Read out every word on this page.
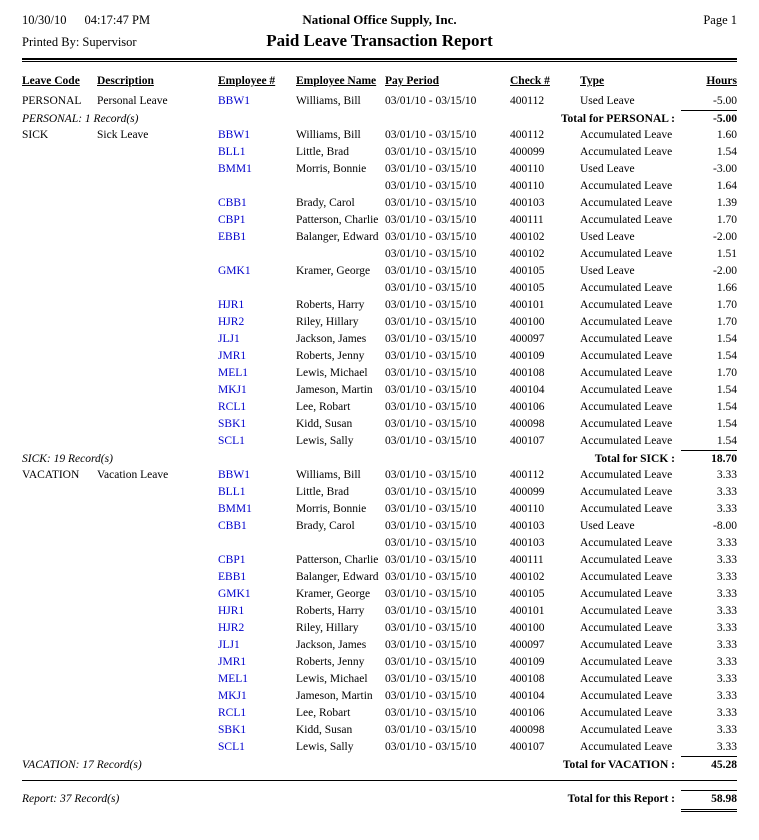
10/30/10 04:17:47 PM	National Office Supply, Inc.	Page 1
Printed By: Supervisor	Paid Leave Transaction Report
Leave Code	Description	Employee #	Employee Name Pay Period	Check #	Type	Hours
PERSONAL	Personal Leave	BBW1	Williams, Bill	03/01/10 - 03/15/10	400112	Used Leave	-5.00
PERSONAL: 1 Record(s)	Total for PERSONAL :	-5.00
SICK	Sick Leave	BBW1	Williams, Bill	03/01/10 - 03/15/10	400112	Accumulated Leave	1.60
BLL1	Little, Brad	03/01/10 - 03/15/10	400099	Accumulated Leave	1.54
BMM1	Morris, Bonnie	03/01/10 - 03/15/10	400110	Used Leave	-3.00
03/01/10 - 03/15/10	400110	Accumulated Leave	1.64
CBB1	Brady, Carol	03/01/10 - 03/15/10	400103	Accumulated Leave	1.39
CBP1	Patterson, Charlie 03/01/10 - 03/15/10	400111	Accumulated Leave	1.70
EBB1	Balanger, Edward 03/01/10 - 03/15/10	400102	Used Leave	-2.00
03/01/10 - 03/15/10	400102	Accumulated Leave	1.51
GMK1	Kramer, George	03/01/10 - 03/15/10	400105	Used Leave	-2.00
03/01/10 - 03/15/10	400105	Accumulated Leave	1.66
HJR1	Roberts, Harry	03/01/10 - 03/15/10	400101	Accumulated Leave	1.70
HJR2	Riley, Hillary	03/01/10 - 03/15/10	400100	Accumulated Leave	1.70
JLJ1	Jackson, James	03/01/10 - 03/15/10	400097	Accumulated Leave	1.54
JMR1	Roberts, Jenny	03/01/10 - 03/15/10	400109	Accumulated Leave	1.54
MEL1	Lewis, Michael	03/01/10 - 03/15/10	400108	Accumulated Leave	1.70
MKJ1	Jameson, Martin	03/01/10 - 03/15/10	400104	Accumulated Leave	1.54
RCL1	Lee, Robart	03/01/10 - 03/15/10	400106	Accumulated Leave	1.54
SBK1	Kidd, Susan	03/01/10 - 03/15/10	400098	Accumulated Leave	1.54
SCL1	Lewis, Sally	03/01/10 - 03/15/10	400107	Accumulated Leave	1.54
SICK: 19 Record(s)	Total for SICK :	18.70
VACATION	Vacation Leave	BBW1	Williams, Bill	03/01/10 - 03/15/10	400112	Accumulated Leave	3.33
BLL1	Little, Brad	03/01/10 - 03/15/10	400099	Accumulated Leave	3.33
BMM1	Morris, Bonnie	03/01/10 - 03/15/10	400110	Accumulated Leave	3.33
CBB1	Brady, Carol	03/01/10 - 03/15/10	400103	Used Leave	-8.00
03/01/10 - 03/15/10	400103	Accumulated Leave	3.33
CBP1	Patterson, Charlie 03/01/10 - 03/15/10	400111	Accumulated Leave	3.33
EBB1	Balanger, Edward 03/01/10 - 03/15/10	400102	Accumulated Leave	3.33
GMK1	Kramer, George	03/01/10 - 03/15/10	400105	Accumulated Leave	3.33
HJR1	Roberts, Harry	03/01/10 - 03/15/10	400101	Accumulated Leave	3.33
HJR2	Riley, Hillary	03/01/10 - 03/15/10	400100	Accumulated Leave	3.33
JLJ1	Jackson, James	03/01/10 - 03/15/10	400097	Accumulated Leave	3.33
JMR1	Roberts, Jenny	03/01/10 - 03/15/10	400109	Accumulated Leave	3.33
MEL1	Lewis, Michael	03/01/10 - 03/15/10	400108	Accumulated Leave	3.33
MKJ1	Jameson, Martin	03/01/10 - 03/15/10	400104	Accumulated Leave	3.33
RCL1	Lee, Robart	03/01/10 - 03/15/10	400106	Accumulated Leave	3.33
SBK1	Kidd, Susan	03/01/10 - 03/15/10	400098	Accumulated Leave	3.33
SCL1	Lewis, Sally	03/01/10 - 03/15/10	400107	Accumulated Leave	3.33
VACATION: 17 Record(s)	Total for VACATION :	45.28
Report: 37 Record(s)	Total for this Report :	58.98
